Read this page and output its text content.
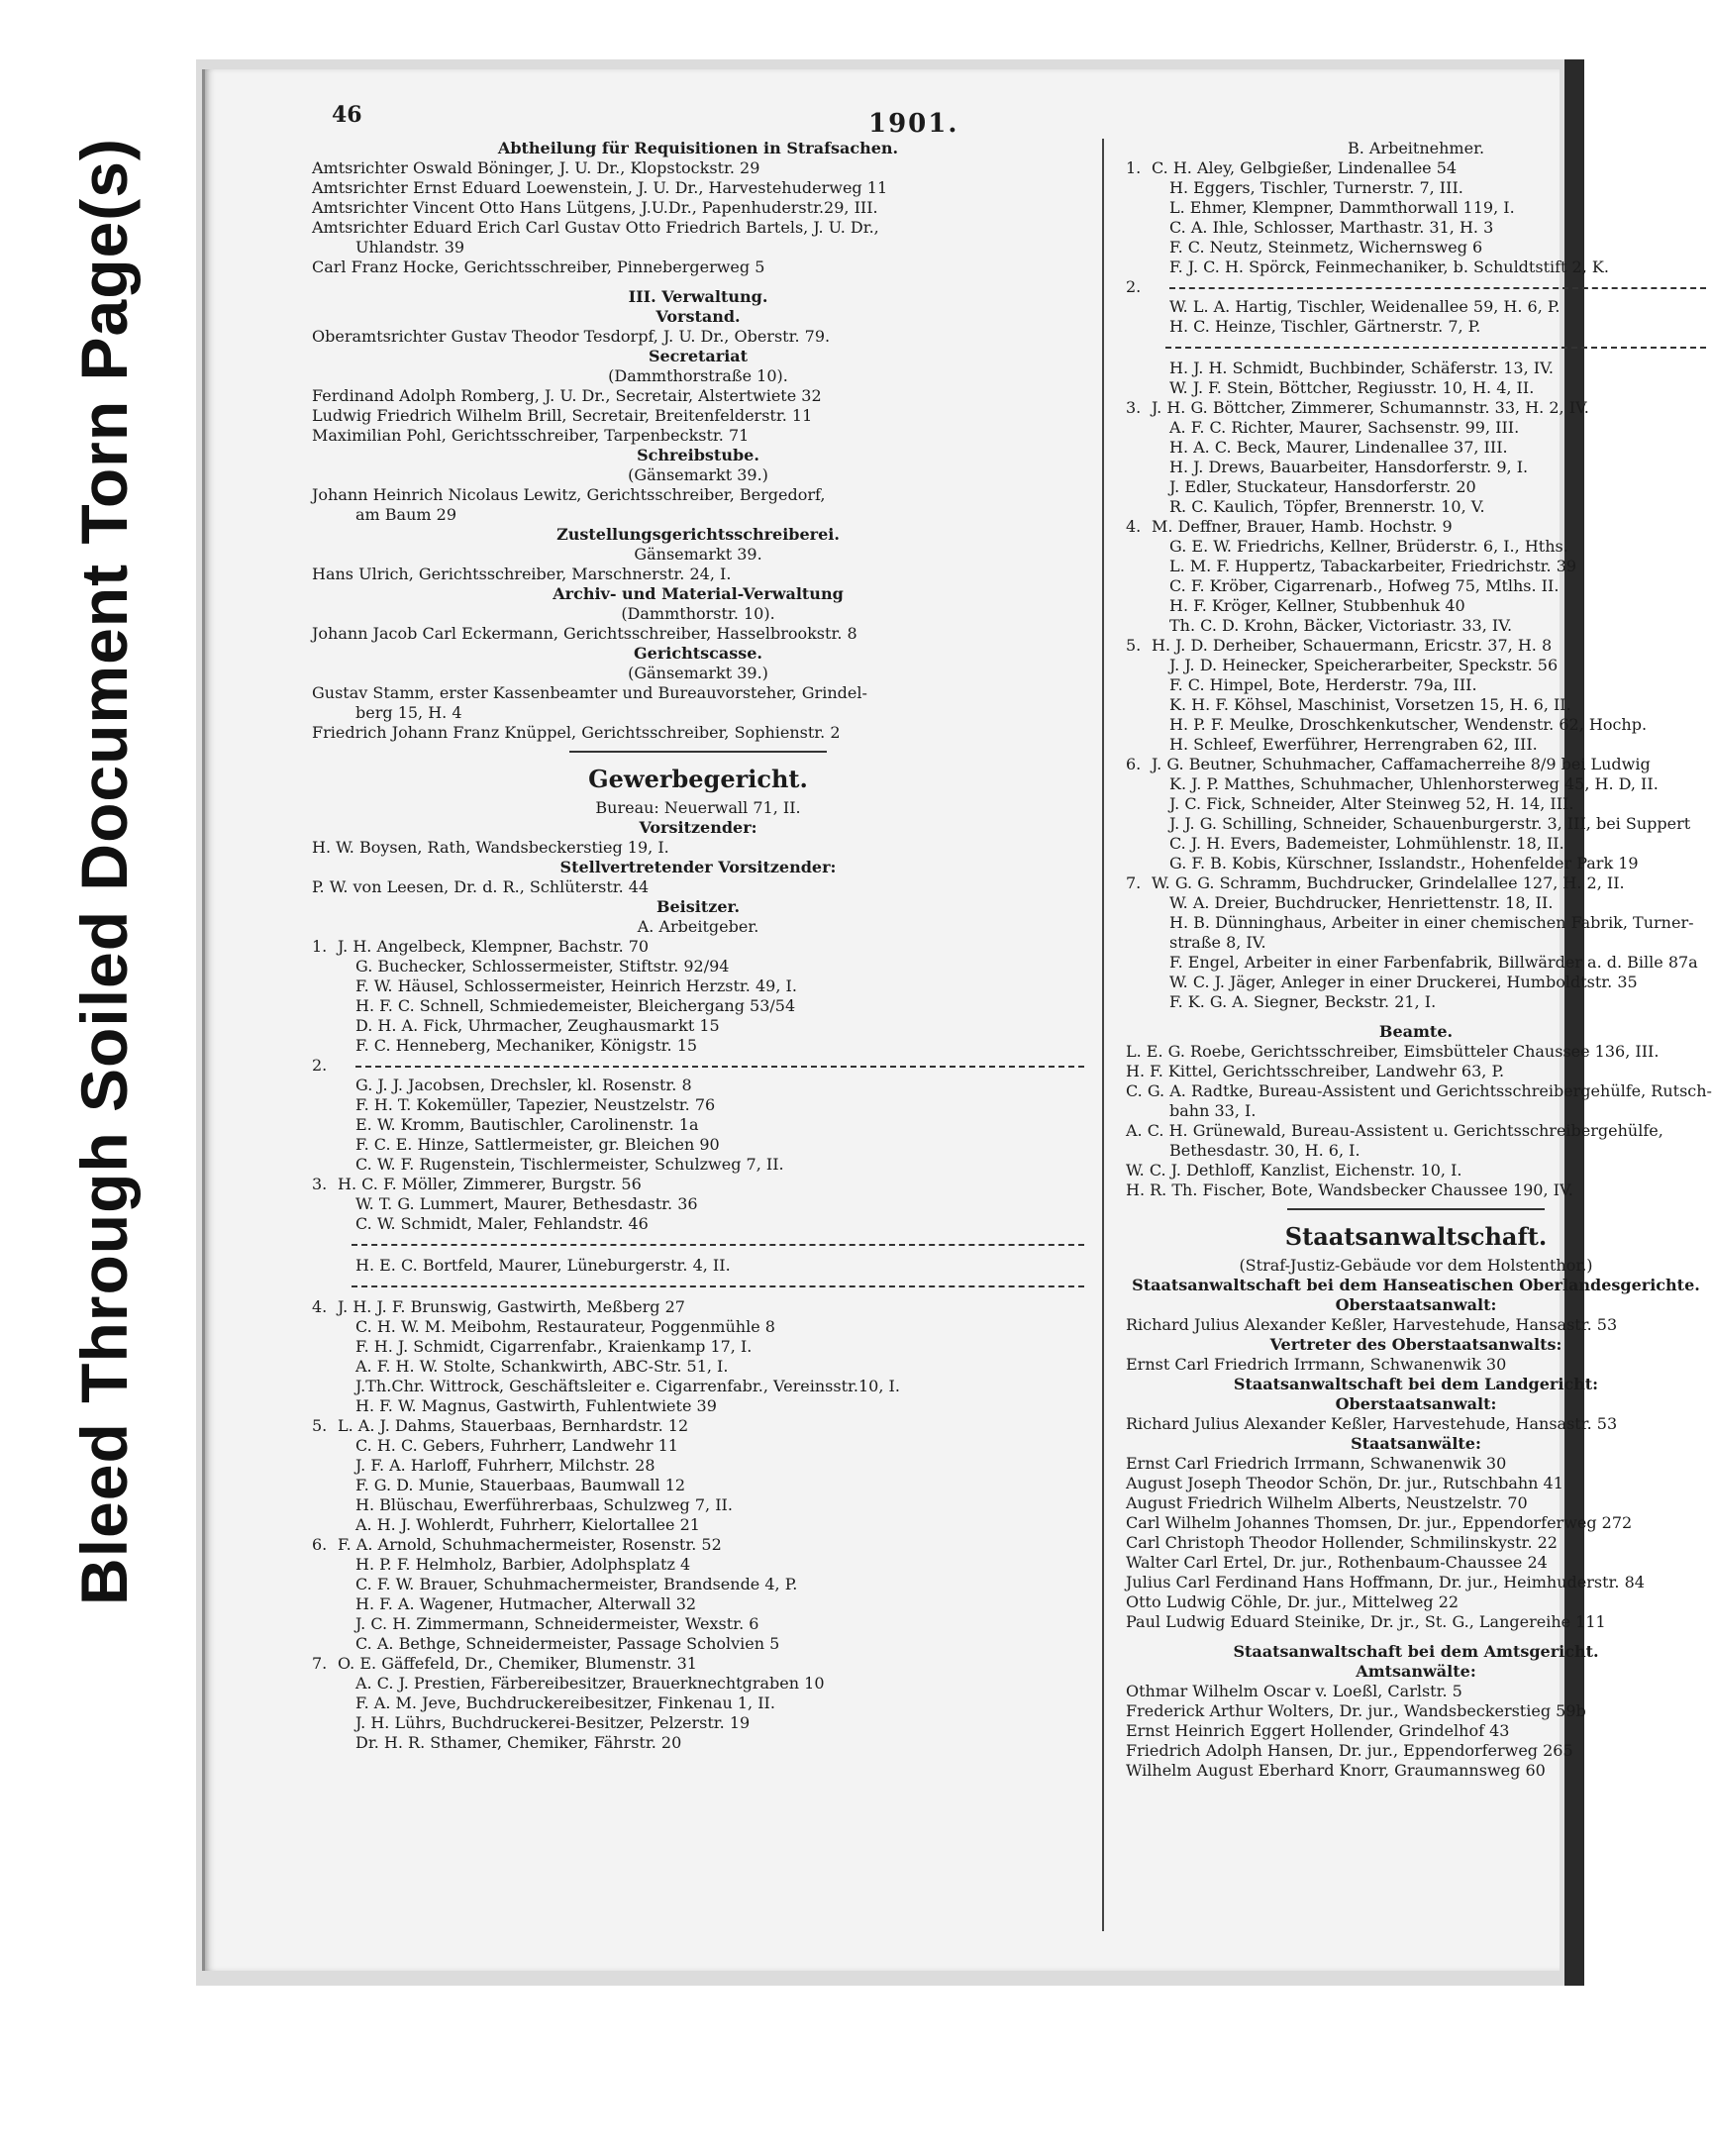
Bleed Through Soiled Document Torn Page(s)
46	1901.
Abtheilung für Requisitionen in Strafsachen.
Amtsrichter Oswald Böninger, J. U. Dr., Klopstockstr. 29
Amtsrichter Ernst Eduard Loewenstein, J. U. Dr., Harvestehuderweg 11
Amtsrichter Vincent Otto Hans Lütgens, J.U.Dr., Papenhuderstr.29, III.
Amtsrichter Eduard Erich Carl Gustav Otto Friedrich Bartels, J. U. Dr.,
Uhlandstr. 39
Carl Franz Hocke, Gerichtsschreiber, Pinnebergerweg 5
III. Verwaltung.
Vorstand.
Oberamtsrichter Gustav Theodor Tesdorpf, J. U. Dr., Oberstr. 79.
Secretariat
(Dammthorstraße 10).
Ferdinand Adolph Romberg, J. U. Dr., Secretair, Alstertwiete 32
Ludwig Friedrich Wilhelm Brill, Secretair, Breitenfelderstr. 11
Maximilian Pohl, Gerichtsschreiber, Tarpenbeckstr. 71
Schreibstube.
(Gänsemarkt 39.)
Johann Heinrich Nicolaus Lewitz, Gerichtsschreiber, Bergedorf,
am Baum 29
Zustellungsgerichtsschreiberei.
Gänsemarkt 39.
Hans Ulrich, Gerichtsschreiber, Marschnerstr. 24, I.
Archiv- und Material-Verwaltung
(Dammthorstr. 10).
Johann Jacob Carl Eckermann, Gerichtsschreiber, Hasselbrookstr. 8
Gerichtscasse.
(Gänsemarkt 39.)
Gustav Stamm, erster Kassenbeamter und Bureauvorsteher, Grindel-
berg 15, H. 4
Friedrich Johann Franz Knüppel, Gerichtsschreiber, Sophienstr. 2
Gewerbegericht.
Bureau: Neuerwall 71, II.
Vorsitzender:
H. W. Boysen, Rath, Wandsbeckerstieg 19, I.
Stellvertretender Vorsitzender:
P. W. von Leesen, Dr. d. R., Schlüterstr. 44
Beisitzer.
A. Arbeitgeber.
1. J. H. Angelbeck, Klempner, Bachstr. 70
G. Buchecker, Schlossermeister, Stiftstr. 92/94
F. W. Häusel, Schlossermeister, Heinrich Herzstr. 49, I.
H. F. C. Schnell, Schmiedemeister, Bleichergang 53/54
D. H. A. Fick, Uhrmacher, Zeughausmarkt 15
F. C. Henneberg, Mechaniker, Königstr. 15
2.
G. J. J. Jacobsen, Drechsler, kl. Rosenstr. 8
F. H. T. Kokemüller, Tapezier, Neustzelstr. 76
E. W. Kromm, Bautischler, Carolinenstr. 1a
F. C. E. Hinze, Sattlermeister, gr. Bleichen 90
C. W. F. Rugenstein, Tischlermeister, Schulzweg 7, II.
3. H. C. F. Möller, Zimmerer, Burgstr. 56
W. T. G. Lummert, Maurer, Bethesdastr. 36
C. W. Schmidt, Maler, Fehlandstr. 46
H. E. C. Bortfeld, Maurer, Lüneburgerstr. 4, II.
4. J. H. J. F. Brunswig, Gastwirth, Meßberg 27
C. H. W. M. Meibohm, Restaurateur, Poggenmühle 8
F. H. J. Schmidt, Cigarrenfabr., Kraienkamp 17, I.
A. F. H. W. Stolte, Schankwirth, ABC-Str. 51, I.
J.Th.Chr. Wittrock, Geschäftsleiter e. Cigarrenfabr., Vereinsstr.10, I.
H. F. W. Magnus, Gastwirth, Fuhlentwiete 39
5. L. A. J. Dahms, Stauerbaas, Bernhardstr. 12
C. H. C. Gebers, Fuhrherr, Landwehr 11
J. F. A. Harloff, Fuhrherr, Milchstr. 28
F. G. D. Munie, Stauerbaas, Baumwall 12
H. Blüschau, Ewerführerbaas, Schulzweg 7, II.
A. H. J. Wohlerdt, Fuhrherr, Kielortallee 21
6. F. A. Arnold, Schuhmachermeister, Rosenstr. 52
H. P. F. Helmholz, Barbier, Adolphsplatz 4
C. F. W. Brauer, Schuhmachermeister, Brandsende 4, P.
H. F. A. Wagener, Hutmacher, Alterwall 32
J. C. H. Zimmermann, Schneidermeister, Wexstr. 6
C. A. Bethge, Schneidermeister, Passage Scholvien 5
7. O. E. Gäffefeld, Dr., Chemiker, Blumenstr. 31
A. C. J. Prestien, Färbereibesitzer, Brauerknechtgraben 10
F. A. M. Jeve, Buchdruckereibesitzer, Finkenau 1, II.
J. H. Lührs, Buchdruckerei-Besitzer, Pelzerstr. 19
Dr. H. R. Sthamer, Chemiker, Fährstr. 20
B. Arbeitnehmer.
1. C. H. Aley, Gelbgießer, Lindenallee 54
H. Eggers, Tischler, Turnerstr. 7, III.
L. Ehmer, Klempner, Dammthorwall 119, I.
C. A. Ihle, Schlosser, Marthastr. 31, H. 3
F. C. Neutz, Steinmetz, Wichernsweg 6
F. J. C. H. Spörck, Feinmechaniker, b. Schuldtstift 2, K.
2.
W. L. A. Hartig, Tischler, Weidenallee 59, H. 6, P.
H. C. Heinze, Tischler, Gärtnerstr. 7, P.
H. J. H. Schmidt, Buchbinder, Schäferstr. 13, IV.
W. J. F. Stein, Böttcher, Regiusstr. 10, H. 4, II.
3. J. H. G. Böttcher, Zimmerer, Schumannstr. 33, H. 2, IV.
A. F. C. Richter, Maurer, Sachsenstr. 99, III.
H. A. C. Beck, Maurer, Lindenallee 37, III.
H. J. Drews, Bauarbeiter, Hansdorferstr. 9, I.
J. Edler, Stuckateur, Hansdorferstr. 20
R. C. Kaulich, Töpfer, Brennerstr. 10, V.
4. M. Deffner, Brauer, Hamb. Hochstr. 9
G. E. W. Friedrichs, Kellner, Brüderstr. 6, I., Hths.
L. M. F. Huppertz, Tabackarbeiter, Friedrichstr. 39
C. F. Kröber, Cigarrenarb., Hofweg 75, Mtlhs. II.
H. F. Kröger, Kellner, Stubbenhuk 40
Th. C. D. Krohn, Bäcker, Victoriastr. 33, IV.
5. H. J. D. Derheiber, Schauermann, Ericstr. 37, H. 8
J. J. D. Heinecker, Speicherarbeiter, Speckstr. 56
F. C. Himpel, Bote, Herderstr. 79a, III.
K. H. F. Köhsel, Maschinist, Vorsetzen 15, H. 6, II.
H. P. F. Meulke, Droschkenkutscher, Wendenstr. 62, Hochp.
H. Schleef, Ewerführer, Herrengraben 62, III.
6. J. G. Beutner, Schuhmacher, Caffamacherreihe 8/9 bei Ludwig
K. J. P. Matthes, Schuhmacher, Uhlenhorsterweg 45, H. D, II.
J. C. Fick, Schneider, Alter Steinweg 52, H. 14, III.
J. J. G. Schilling, Schneider, Schauenburgerstr. 3, III, bei Suppert
C. J. H. Evers, Bademeister, Lohmühlenstr. 18, II.
G. F. B. Kobis, Kürschner, Isslandstr., Hohenfelder Park 19
7. W. G. G. Schramm, Buchdrucker, Grindelallee 127, H. 2, II.
W. A. Dreier, Buchdrucker, Henriettenstr. 18, II.
H. B. Dünninghaus, Arbeiter in einer chemischen Fabrik, Turner-
straße 8, IV.
F. Engel, Arbeiter in einer Farbenfabrik, Billwärder a. d. Bille 87a
W. C. J. Jäger, Anleger in einer Druckerei, Humboldtstr. 35
F. K. G. A. Siegner, Beckstr. 21, I.
Beamte.
L. E. G. Roebe, Gerichtsschreiber, Eimsbütteler Chaussee 136, III.
H. F. Kittel, Gerichtsschreiber, Landwehr 63, P.
C. G. A. Radtke, Bureau-Assistent und Gerichtsschreibergehülfe, Rutsch-
bahn 33, I.
A. C. H. Grünewald, Bureau-Assistent u. Gerichtsschreibergehülfe,
Bethesdastr. 30, H. 6, I.
W. C. J. Dethloff, Kanzlist, Eichenstr. 10, I.
H. R. Th. Fischer, Bote, Wandsbecker Chaussee 190, IV.
Staatsanwaltschaft.
(Straf-Justiz-Gebäude vor dem Holstenthor.)
Staatsanwaltschaft bei dem Hanseatischen Oberlandesgerichte.
Oberstaatsanwalt:
Richard Julius Alexander Keßler, Harvestehude, Hansastr. 53
Vertreter des Oberstaatsanwalts:
Ernst Carl Friedrich Irrmann, Schwanenwik 30
Staatsanwaltschaft bei dem Landgericht:
Oberstaatsanwalt:
Richard Julius Alexander Keßler, Harvestehude, Hansastr. 53
Staatsanwälte:
Ernst Carl Friedrich Irrmann, Schwanenwik 30
August Joseph Theodor Schön, Dr. jur., Rutschbahn 41
August Friedrich Wilhelm Alberts, Neustzelstr. 70
Carl Wilhelm Johannes Thomsen, Dr. jur., Eppendorferweg 272
Carl Christoph Theodor Hollender, Schmilinskystr. 22
Walter Carl Ertel, Dr. jur., Rothenbaum-Chaussee 24
Julius Carl Ferdinand Hans Hoffmann, Dr. jur., Heimhuderstr. 84
Otto Ludwig Cöhle, Dr. jur., Mittelweg 22
Paul Ludwig Eduard Steinike, Dr. jr., St. G., Langereihe 111
Staatsanwaltschaft bei dem Amtsgericht.
Amtsanwälte:
Othmar Wilhelm Oscar v. Loeßl, Carlstr. 5
Frederick Arthur Wolters, Dr. jur., Wandsbeckerstieg 59b
Ernst Heinrich Eggert Hollender, Grindelhof 43
Friedrich Adolph Hansen, Dr. jur., Eppendorferweg 265
Wilhelm August Eberhard Knorr, Graumannsweg 60
